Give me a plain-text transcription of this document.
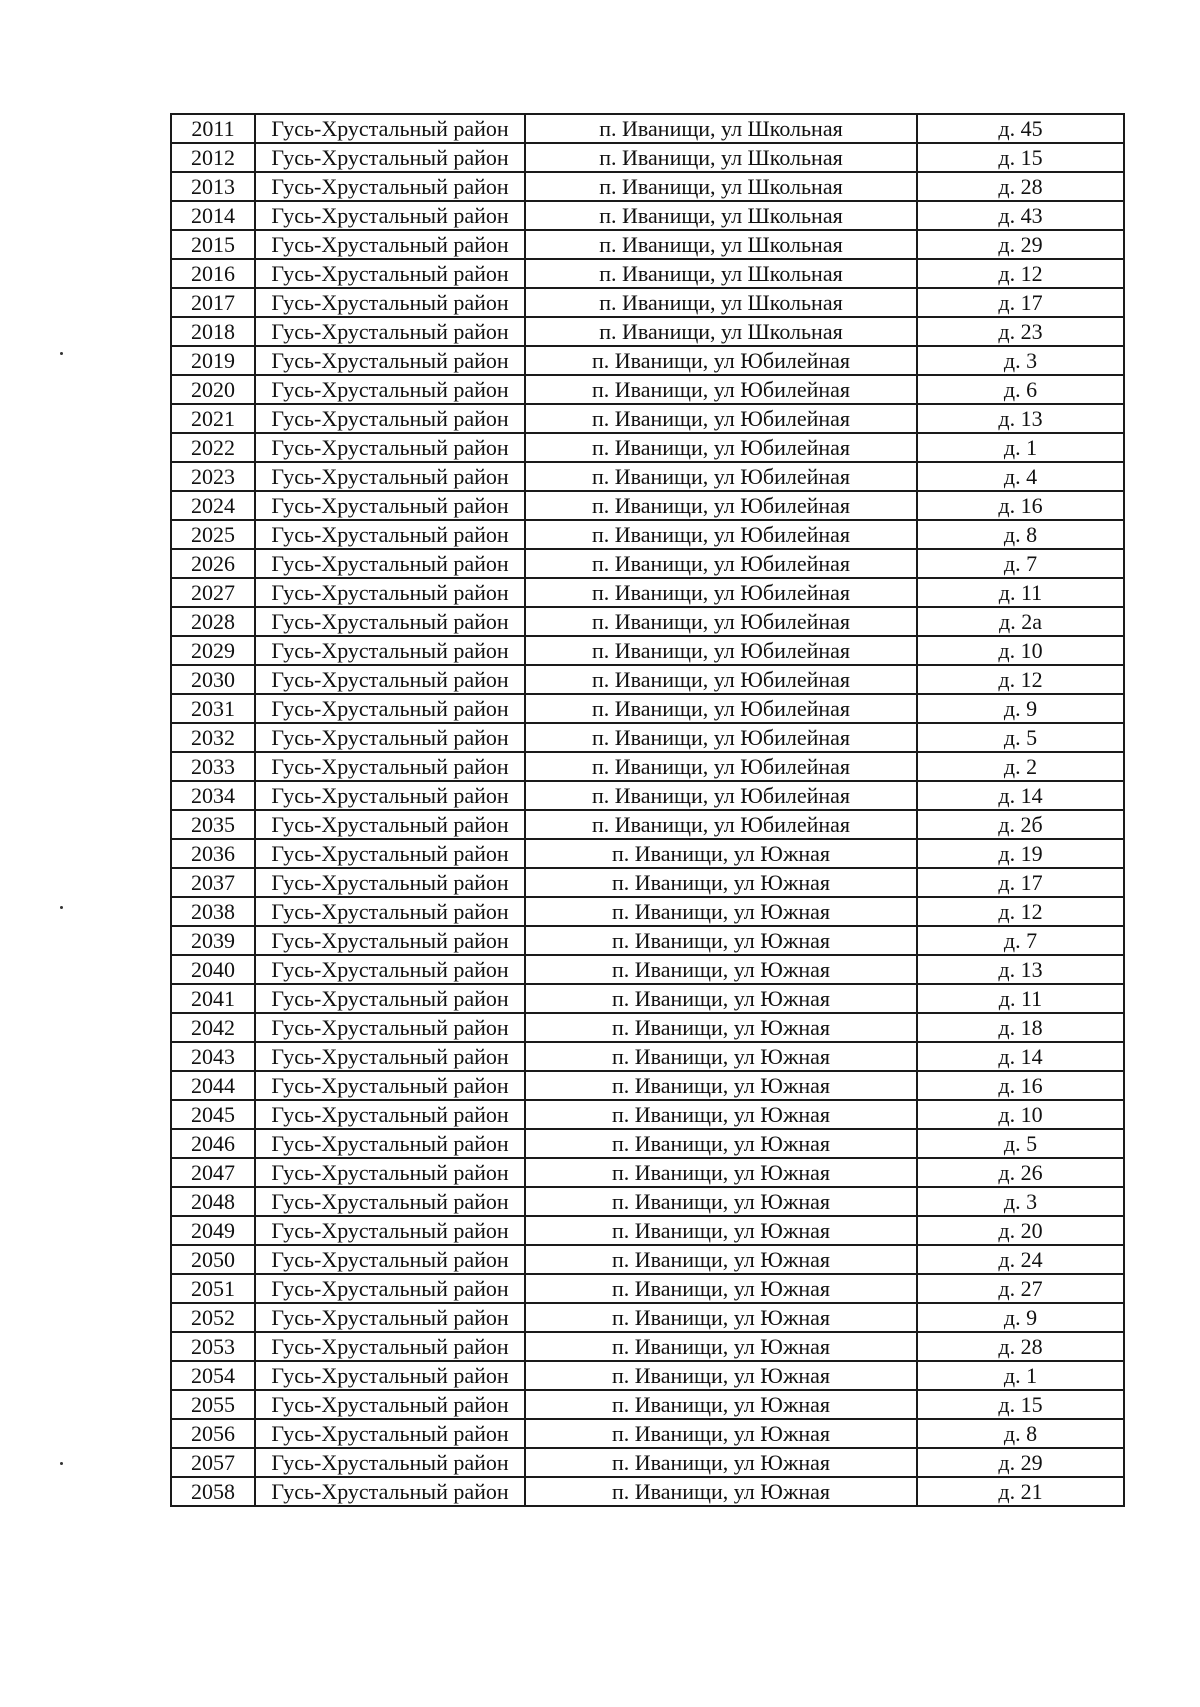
2011	Гусь-Хрустальный район	п. Иванищи, ул Школьная	д. 45
2012	Гусь-Хрустальный район	п. Иванищи, ул Школьная	д. 15
2013	Гусь-Хрустальный район	п. Иванищи, ул Школьная	д. 28
2014	Гусь-Хрустальный район	п. Иванищи, ул Школьная	д. 43
2015	Гусь-Хрустальный район	п. Иванищи, ул Школьная	д. 29
2016	Гусь-Хрустальный район	п. Иванищи, ул Школьная	д. 12
2017	Гусь-Хрустальный район	п. Иванищи, ул Школьная	д. 17
2018	Гусь-Хрустальный район	п. Иванищи, ул Школьная	д. 23
2019	Гусь-Хрустальный район	п. Иванищи, ул Юбилейная	д. 3
2020	Гусь-Хрустальный район	п. Иванищи, ул Юбилейная	д. 6
2021	Гусь-Хрустальный район	п. Иванищи, ул Юбилейная	д. 13
2022	Гусь-Хрустальный район	п. Иванищи, ул Юбилейная	д. 1
2023	Гусь-Хрустальный район	п. Иванищи, ул Юбилейная	д. 4
2024	Гусь-Хрустальный район	п. Иванищи, ул Юбилейная	д. 16
2025	Гусь-Хрустальный район	п. Иванищи, ул Юбилейная	д. 8
2026	Гусь-Хрустальный район	п. Иванищи, ул Юбилейная	д. 7
2027	Гусь-Хрустальный район	п. Иванищи, ул Юбилейная	д. 11
2028	Гусь-Хрустальный район	п. Иванищи, ул Юбилейная	д. 2а
2029	Гусь-Хрустальный район	п. Иванищи, ул Юбилейная	д. 10
2030	Гусь-Хрустальный район	п. Иванищи, ул Юбилейная	д. 12
2031	Гусь-Хрустальный район	п. Иванищи, ул Юбилейная	д. 9
2032	Гусь-Хрустальный район	п. Иванищи, ул Юбилейная	д. 5
2033	Гусь-Хрустальный район	п. Иванищи, ул Юбилейная	д. 2
2034	Гусь-Хрустальный район	п. Иванищи, ул Юбилейная	д. 14
2035	Гусь-Хрустальный район	п. Иванищи, ул Юбилейная	д. 2б
2036	Гусь-Хрустальный район	п. Иванищи, ул Южная	д. 19
2037	Гусь-Хрустальный район	п. Иванищи, ул Южная	д. 17
2038	Гусь-Хрустальный район	п. Иванищи, ул Южная	д. 12
2039	Гусь-Хрустальный район	п. Иванищи, ул Южная	д. 7
2040	Гусь-Хрустальный район	п. Иванищи, ул Южная	д. 13
2041	Гусь-Хрустальный район	п. Иванищи, ул Южная	д. 11
2042	Гусь-Хрустальный район	п. Иванищи, ул Южная	д. 18
2043	Гусь-Хрустальный район	п. Иванищи, ул Южная	д. 14
2044	Гусь-Хрустальный район	п. Иванищи, ул Южная	д. 16
2045	Гусь-Хрустальный район	п. Иванищи, ул Южная	д. 10
2046	Гусь-Хрустальный район	п. Иванищи, ул Южная	д. 5
2047	Гусь-Хрустальный район	п. Иванищи, ул Южная	д. 26
2048	Гусь-Хрустальный район	п. Иванищи, ул Южная	д. 3
2049	Гусь-Хрустальный район	п. Иванищи, ул Южная	д. 20
2050	Гусь-Хрустальный район	п. Иванищи, ул Южная	д. 24
2051	Гусь-Хрустальный район	п. Иванищи, ул Южная	д. 27
2052	Гусь-Хрустальный район	п. Иванищи, ул Южная	д. 9
2053	Гусь-Хрустальный район	п. Иванищи, ул Южная	д. 28
2054	Гусь-Хрустальный район	п. Иванищи, ул Южная	д. 1
2055	Гусь-Хрустальный район	п. Иванищи, ул Южная	д. 15
2056	Гусь-Хрустальный район	п. Иванищи, ул Южная	д. 8
2057	Гусь-Хрустальный район	п. Иванищи, ул Южная	д. 29
2058	Гусь-Хрустальный район	п. Иванищи, ул Южная	д. 21
